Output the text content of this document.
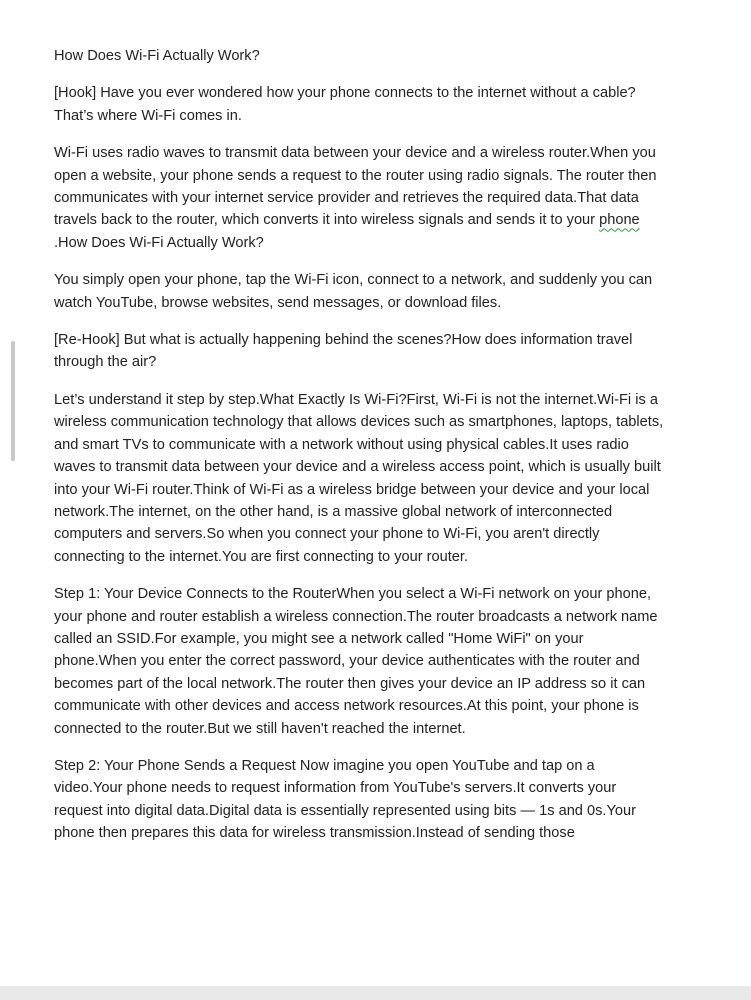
How Does Wi-Fi Actually Work?

[Hook] Have you ever wondered how your phone connects to the internet without a cable?That’s where Wi-Fi comes in.

Wi-Fi uses radio waves to transmit data between your device and a wireless router.When you open a website, your phone sends a request to the router using radio signals. The router then communicates with your internet service provider and retrieves the required data.That data travels back to the router, which converts it into wireless signals and sends it to your phone .How Does Wi-Fi Actually Work?

You simply open your phone, tap the Wi-Fi icon, connect to a network, and suddenly you can watch YouTube, browse websites, send messages, or download files.

[Re-Hook] But what is actually happening behind the scenes?How does information travel through the air?

Let’s understand it step by step.What Exactly Is Wi-Fi?First, Wi-Fi is not the internet.Wi-Fi is a wireless communication technology that allows devices such as smartphones, laptops, tablets, and smart TVs to communicate with a network without using physical cables.It uses radio waves to transmit data between your device and a wireless access point, which is usually built into your Wi-Fi router.Think of Wi-Fi as a wireless bridge between your device and your local network.The internet, on the other hand, is a massive global network of interconnected computers and servers.So when you connect your phone to Wi-Fi, you aren't directly connecting to the internet.You are first connecting to your router.

Step 1: Your Device Connects to the RouterWhen you select a Wi-Fi network on your phone, your phone and router establish a wireless connection.The router broadcasts a network name called an SSID.For example, you might see a network called "Home WiFi" on your phone.When you enter the correct password, your device authenticates with the router and becomes part of the local network.The router then gives your device an IP address so it can communicate with other devices and access network resources.At this point, your phone is connected to the router.But we still haven't reached the internet.

Step 2: Your Phone Sends a Request Now imagine you open YouTube and tap on a video.Your phone needs to request information from YouTube's servers.It converts your request into digital data.Digital data is essentially represented using bits — 1s and 0s.Your phone then prepares this data for wireless transmission.Instead of sending those
